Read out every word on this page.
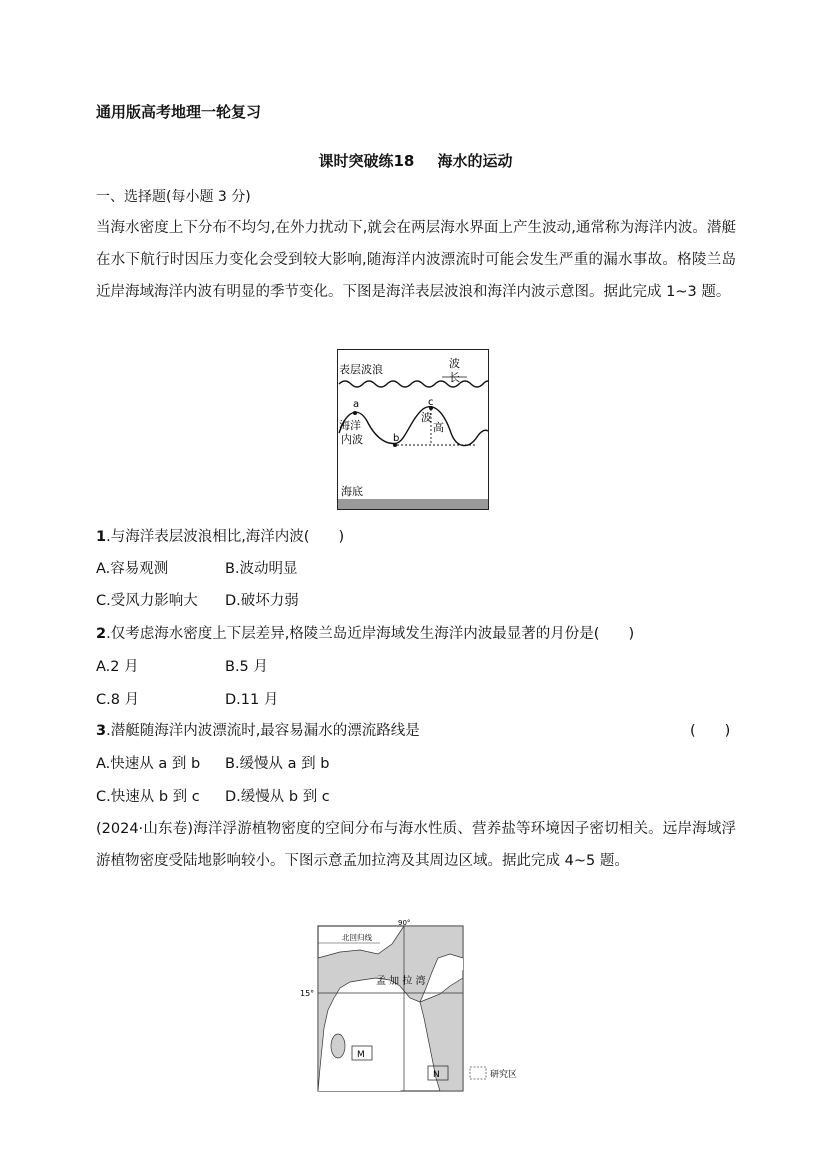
通用版高考地理一轮复习
课时突破练18 海水的运动
一、选择题(每小题 3 分)
当海水密度上下分布不均匀,在外力扰动下,就会在两层海水界面上产生波动,通常称为海洋内波。潜艇在水下航行时因压力变化会受到较大影响,随海洋内波漂流时可能会发生严重的漏水事故。格陵兰岛近岸海域海洋内波有明显的季节变化。下图是海洋表层波浪和海洋内波示意图。据此完成 1~3 题。
表层波浪	波
长
海洋
内波
波
高
a
b
c
海底
1.与海洋表层波浪相比,海洋内波(　　)
A.容易观测	B.波动明显
C.受风力影响大 D.破坏力弱
2.仅考虑海水密度上下层差异,格陵兰岛近岸海域发生海洋内波最显著的月份是(　　)
A.2 月	B.5 月
C.8 月	D.11 月
3.潜艇随海洋内波漂流时,最容易漏水的漂流路线是	(　　)
A.快速从 a 到 b B.缓慢从 a 到 b
C.快速从 b 到 c D.缓慢从 b 到 c
(2024·山东卷)海洋浮游植物密度的空间分布与海水性质、营养盐等环境因子密切相关。远岸海域浮游植物密度受陆地影响较小。下图示意孟加拉湾及其周边区域。据此完成 4~5 题。
90°
15°
北回归线
孟 加 拉 湾
M
N	研究区
